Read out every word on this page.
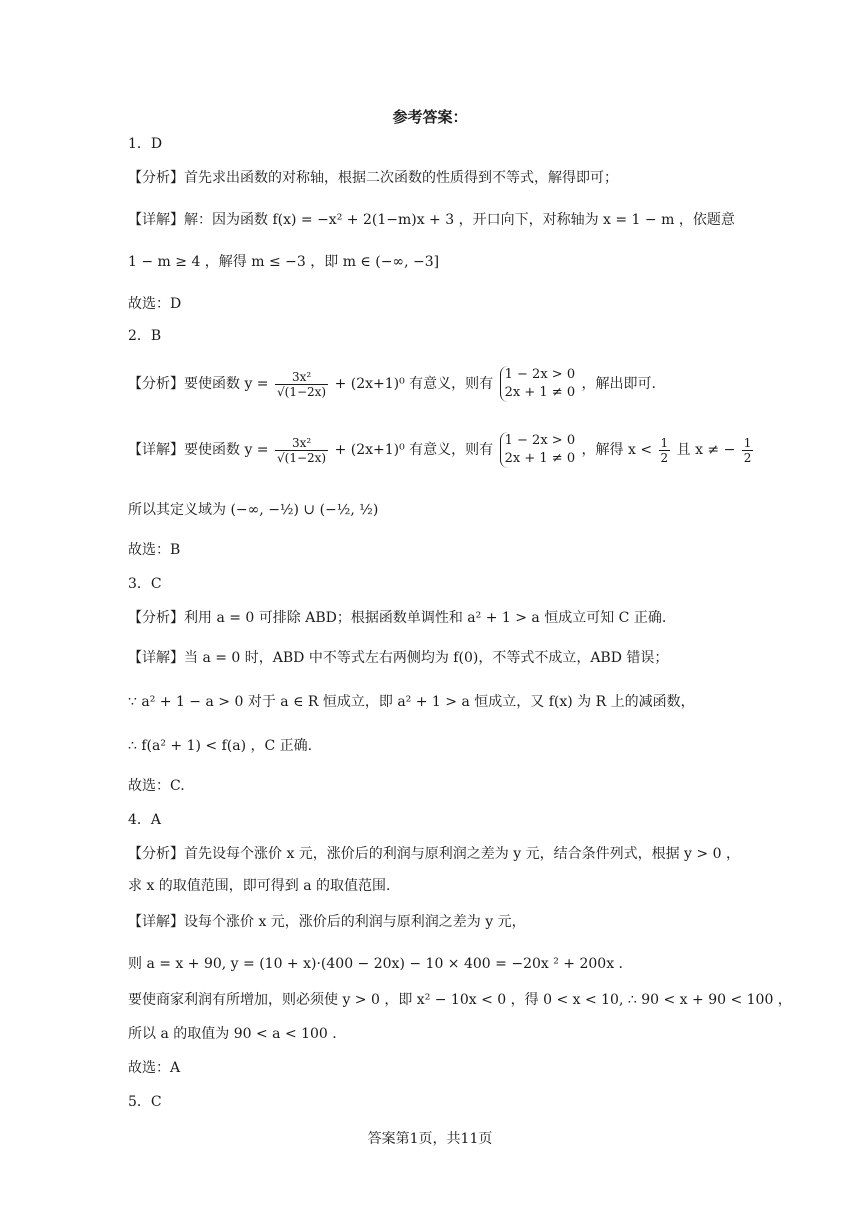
参考答案：
1．D
【分析】首先求出函数的对称轴，根据二次函数的性质得到不等式，解得即可；
【详解】解：因为函数 f(x) = −x² + 2(1−m)x + 3 ，开口向下，对称轴为 x = 1 − m ，依题意
1 − m ≥ 4 ，解得 m ≤ −3 ，即 m ∈ (−∞, −3]
故选：D
2．B
【分析】要使函数 $y = \frac{\text{3x²}}{√(1-2x)} + (2x+1)^0$ 有意义，则有
1 − 2x > 0
2x + 1 ≠ 0
，解出即可.
【详解】要使函数 $y = \frac{\text{3x²}}{√(1-2x)} + (2x+1)^0$ 有意义，则有
1 − 2x > 0
2x + 1 ≠ 0
，解得 $x < \frac{1}{2}$ 且 x ≠ − $\frac{1}{2}$
所以其定义域为 (−∞, −½) ∪ (−½, ½)
故选：B
3．C
【分析】利用 a = 0 可排除 ABD；根据函数单调性和 a² + 1 > a 恒成立可知 C 正确.
【详解】当 a = 0 时，ABD 中不等式左右两侧均为 f(0)，不等式不成立，ABD 错误；
∵ a² + 1 − a > 0 对于 a ∈ R 恒成立，即 a² + 1 > a 恒成立，又 f(x) 为 R 上的减函数，
∴ f(a² + 1) < f(a) ，C 正确.
故选：C.
4．A
【分析】首先设每个涨价 x 元，涨价后的利润与原利润之差为 y 元，结合条件列式，根据 y > 0 ，
求 x 的取值范围，即可得到 a 的取值范围.
【详解】设每个涨价 x 元，涨价后的利润与原利润之差为 y 元，
则 a = x + 90, y = (10 + x)·(400 − 20x) − 10 × 400 = −20x ² + 200x .
要使商家利润有所增加，则必须使 y > 0 ，即 x² − 10x < 0 ，得 0 < x < 10, ∴ 90 < x + 90 < 100 ，
所以 a 的取值为 90 < a < 100 .
故选：A
5．C
答案第1页，共11页
